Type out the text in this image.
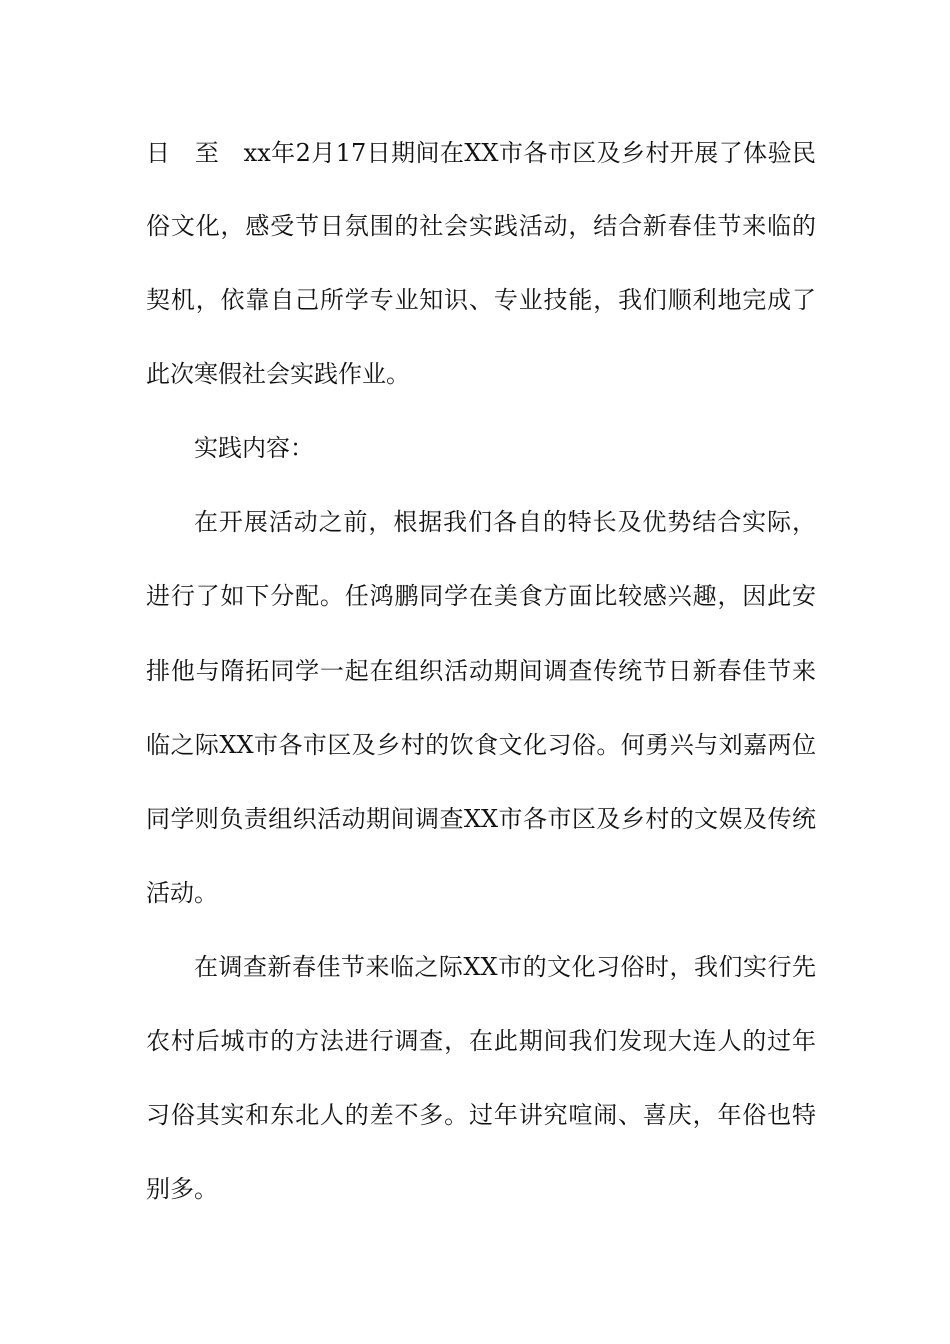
日　至　xx年2月17日期间在XX市各市区及乡村开展了体验民
俗文化，感受节日氛围的社会实践活动，结合新春佳节来临的
契机，依靠自己所学专业知识、专业技能，我们顺利地完成了
此次寒假社会实践作业。
实践内容：
在开展活动之前，根据我们各自的特长及优势结合实际，
进行了如下分配。任鸿鹏同学在美食方面比较感兴趣，因此安
排他与隋拓同学一起在组织活动期间调查传统节日新春佳节来
临之际XX市各市区及乡村的饮食文化习俗。何勇兴与刘嘉两位
同学则负责组织活动期间调查XX市各市区及乡村的文娱及传统
活动。
在调查新春佳节来临之际XX市的文化习俗时，我们实行先
农村后城市的方法进行调查，在此期间我们发现大连人的过年
习俗其实和东北人的差不多。过年讲究喧闹、喜庆，年俗也特
别多。
